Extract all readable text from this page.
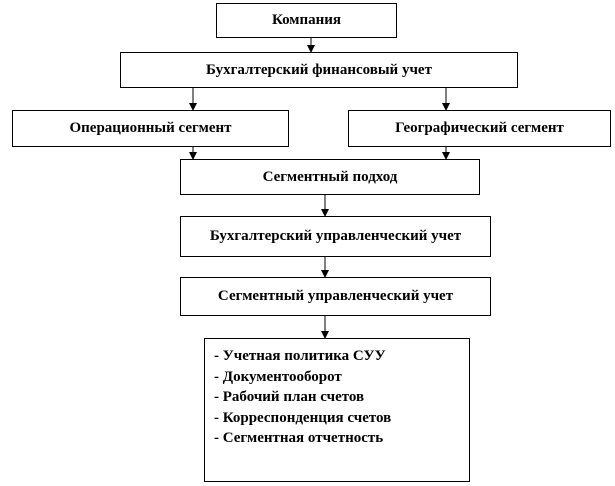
Компания
Бухгалтерский финансовый учет
Операционный сегмент	Географический сегмент
Сегментный подход
Бухгалтерский управленческий учет
Сегментный управленческий учет
- Учетная политика СУУ
- Документооборот
- Рабочий план счетов
- Корреспонденция счетов
- Сегментная отчетность
